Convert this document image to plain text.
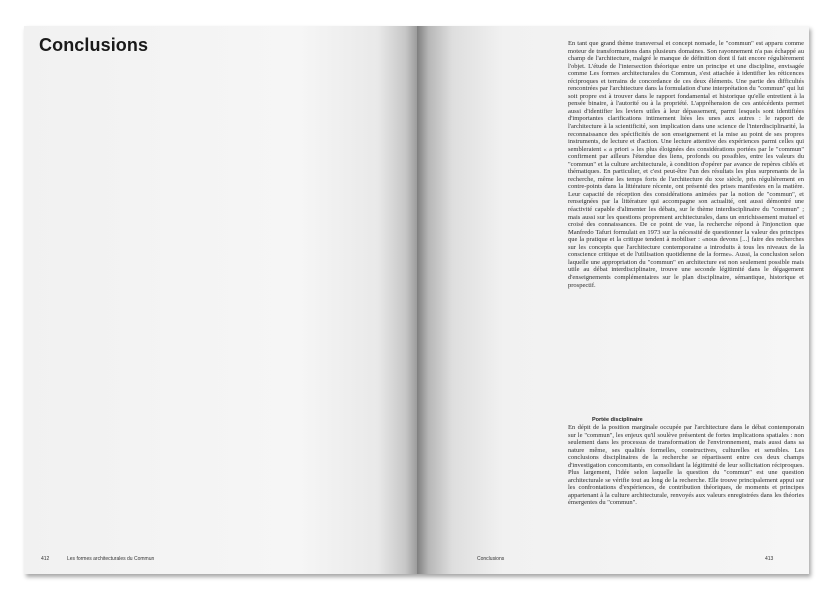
Conclusions
412	Les formes architecturales du Commun

En tant que grand thème transversal et concept nomade, le "commun" est apparu comme moteur de transformations dans plusieurs domaines. Son rayonnement n'a pas échappé au champ de l'architecture, malgré le manque de définition dont il fait encore régulièrement l'objet. L'étude de l'intersection théorique entre un principe et une discipline, envisagée comme Les formes architecturales du Commun, s'est attachée à identifier les réticences réciproques et terrains de concordance de ces deux éléments. Une partie des difficultés rencontrées par l'architecture dans la formulation d'une interprétation du "commun" qui lui soit propre est à trouver dans le rapport fondamental et historique qu'elle entretient à la pensée binaire, à l'autorité ou à la propriété. L'appréhension de ces antécédents permet aussi d'identifier les leviers utiles à leur dépassement, parmi lesquels sont identifiées d'importantes clarifications intimement liées les unes aux autres : le rapport de l'architecture à la scientificité, son implication dans une science de l'interdisciplinarité, la reconnaissance des spécificités de son enseignement et la mise au point de ses propres instruments, de lecture et d'action. Une lecture attentive des expériences parmi celles qui sembleraient « a priori » les plus éloignées des considérations portées par le "commun" confirment par ailleurs l'étendue des liens, profonds ou possibles, entre les valeurs du "commun" et la culture architecturale, à condition d'opérer par avance de repères ciblés et thématiques. En particulier, et c'est peut-être l'un des résultats les plus surprenants de la recherche, même les temps forts de l'architecture du xxe siècle, pris régulièrement en contre-points dans la littérature récente, ont présenté des prises manifestes en la matière. Leur capacité de réception des considérations animées par la notion de "commun", et renseignées par la littérature qui accompagne son actualité, ont aussi démontré une réactivité capable d'alimenter les débats, sur le thème interdisciplinaire du "commun" ; mais aussi sur les questions proprement architecturales, dans un enrichissement mutuel et croisé des connaissances. De ce point de vue, la recherche répond à l'injonction que Manfredo Tafuri formulait en 1973 sur la nécessité de questionner la valeur des principes que la pratique et la critique tendent à mobiliser : «nous devons [...] faire des recherches sur les concepts que l'architecture contemporaine a introduits à tous les niveaux de la conscience critique et de l'utilisation quotidienne de la forme». Aussi, la conclusion selon laquelle une appropriation du "commun" en architecture est non seulement possible mais utile au débat interdisciplinaire, trouve une seconde légitimité dans le dégagement d'enseignements complémentaires sur le plan disciplinaire, sémantique, historique et prospectif.

Portée disciplinaire

En dépit de la position marginale occupée par l'architecture dans le débat contemporain sur le "commun", les enjeux qu'il soulève présentent de fortes implications spatiales : non seulement dans les processus de transformation de l'environnement, mais aussi dans sa nature même, ses qualités formelles, constructives, culturelles et sensibles. Les conclusions disciplinaires de la recherche se répartissent entre ces deux champs d'investigation concomitants, en consolidant la légitimité de leur sollicitation réciproques. Plus largement, l'idée selon laquelle la question du "commun" est une question architecturale se vérifie tout au long de la recherche. Elle trouve principalement appui sur les confrontations d'expériences, de contribution théoriques, de moments et principes appartenant à la culture architecturale, renvoyés aux valeurs enregistrées dans les théories émergentes du "commun".

Conclusions	413
